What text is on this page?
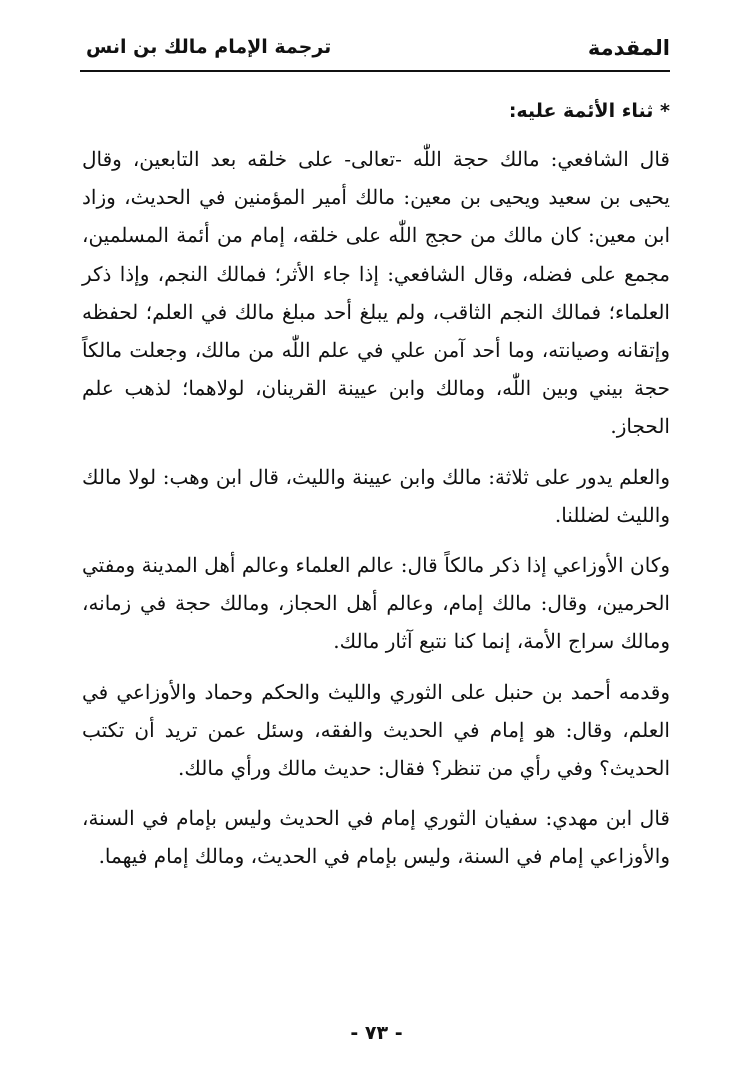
المقدمة
ترجمة الإمام مالك بن انس
* ثناء الأئمة عليه:

قال الشافعي: مالك حجة اللّٰه -تعالى- على خلقه بعد التابعين، وقال يحيى بن سعيد ويحيى بن معين: مالك أمير المؤمنين في الحديث، وزاد ابن معين: كان مالك من حجج اللّٰه على خلقه، إمام من أئمة المسلمين، مجمع على فضله، وقال الشافعي: إذا جاء الأثر؛ فمالك النجم، وإذا ذكر العلماء؛ فمالك النجم الثاقب، ولم يبلغ أحد مبلغ مالك في العلم؛ لحفظه وإتقانه وصيانته، وما أحد آمن علي في علم اللّٰه من مالك، وجعلت مالكاً حجة بيني وبين اللّٰه، ومالك وابن عيينة القرينان، لولاهما؛ لذهب علم الحجاز.

والعلم يدور على ثلاثة: مالك وابن عيينة والليث، قال ابن وهب: لولا مالك والليث لضللنا.

وكان الأوزاعي إذا ذكر مالكاً قال: عالم العلماء وعالم أهل المدينة ومفتي الحرمين، وقال: مالك إمام، وعالم أهل الحجاز، ومالك حجة في زمانه، ومالك سراج الأمة، إنما كنا نتبع آثار مالك.

وقدمه أحمد بن حنبل على الثوري والليث والحكم وحماد والأوزاعي في العلم، وقال: هو إمام في الحديث والفقه، وسئل عمن تريد أن تكتب الحديث؟ وفي رأي من تنظر؟ فقال: حديث مالك ورأي مالك.

قال ابن مهدي: سفيان الثوري إمام في الحديث وليس بإمام في السنة، والأوزاعي إمام في السنة، وليس بإمام في الحديث، ومالك إمام فيهما.

- ٧٣ -
